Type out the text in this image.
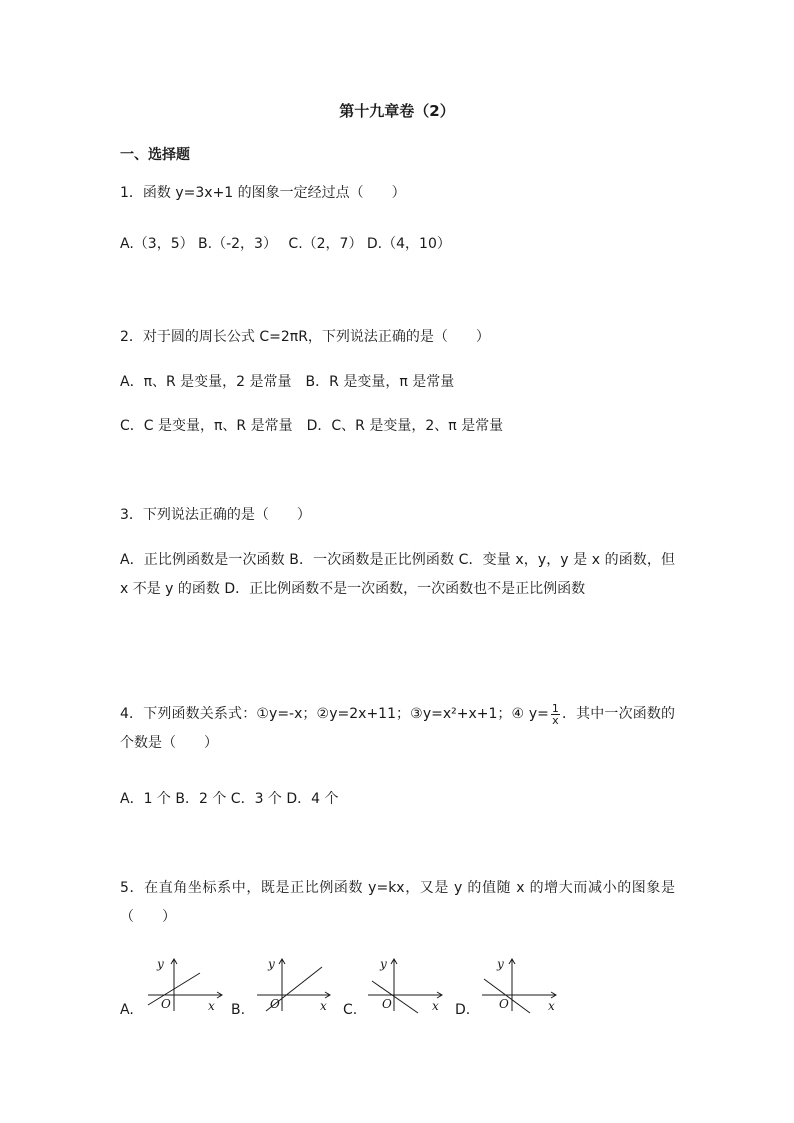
第十九章卷（2）
一、选择题
1．函数 y=3x+1 的图象一定经过点（　　）
A.（3，5） B.（-2，3）　 C.（2，7） D.（4，10）
2．对于圆的周长公式 C=2πR，下列说法正确的是（　　）
A．π、R 是变量，2 是常量　B．R 是变量，π 是常量
C．C 是变量，π、R 是常量　D．C、R 是变量，2、π 是常量
3．下列说法正确的是（　　）
A．正比例函数是一次函数 B．一次函数是正比例函数 C．变量 x，y，y 是 x 的函数，但 x 不是 y 的函数 D．正比例函数不是一次函数，一次函数也不是正比例函数
4．下列函数关系式：①y=-x；②y=2x+11；③y=x²+x+1；④ $y= \frac{1}{x}$ ．其中一次函数的个数是（　　）
A．1 个 B．2 个 C．3 个 D．4 个
5．在直角坐标系中，既是正比例函数 y=kx，又是 y 的值随 x 的增大而减小的图象是（　　）
A.
y
x
O	B.
y
x
O	C.
y
x
O	D.
y
x
O
